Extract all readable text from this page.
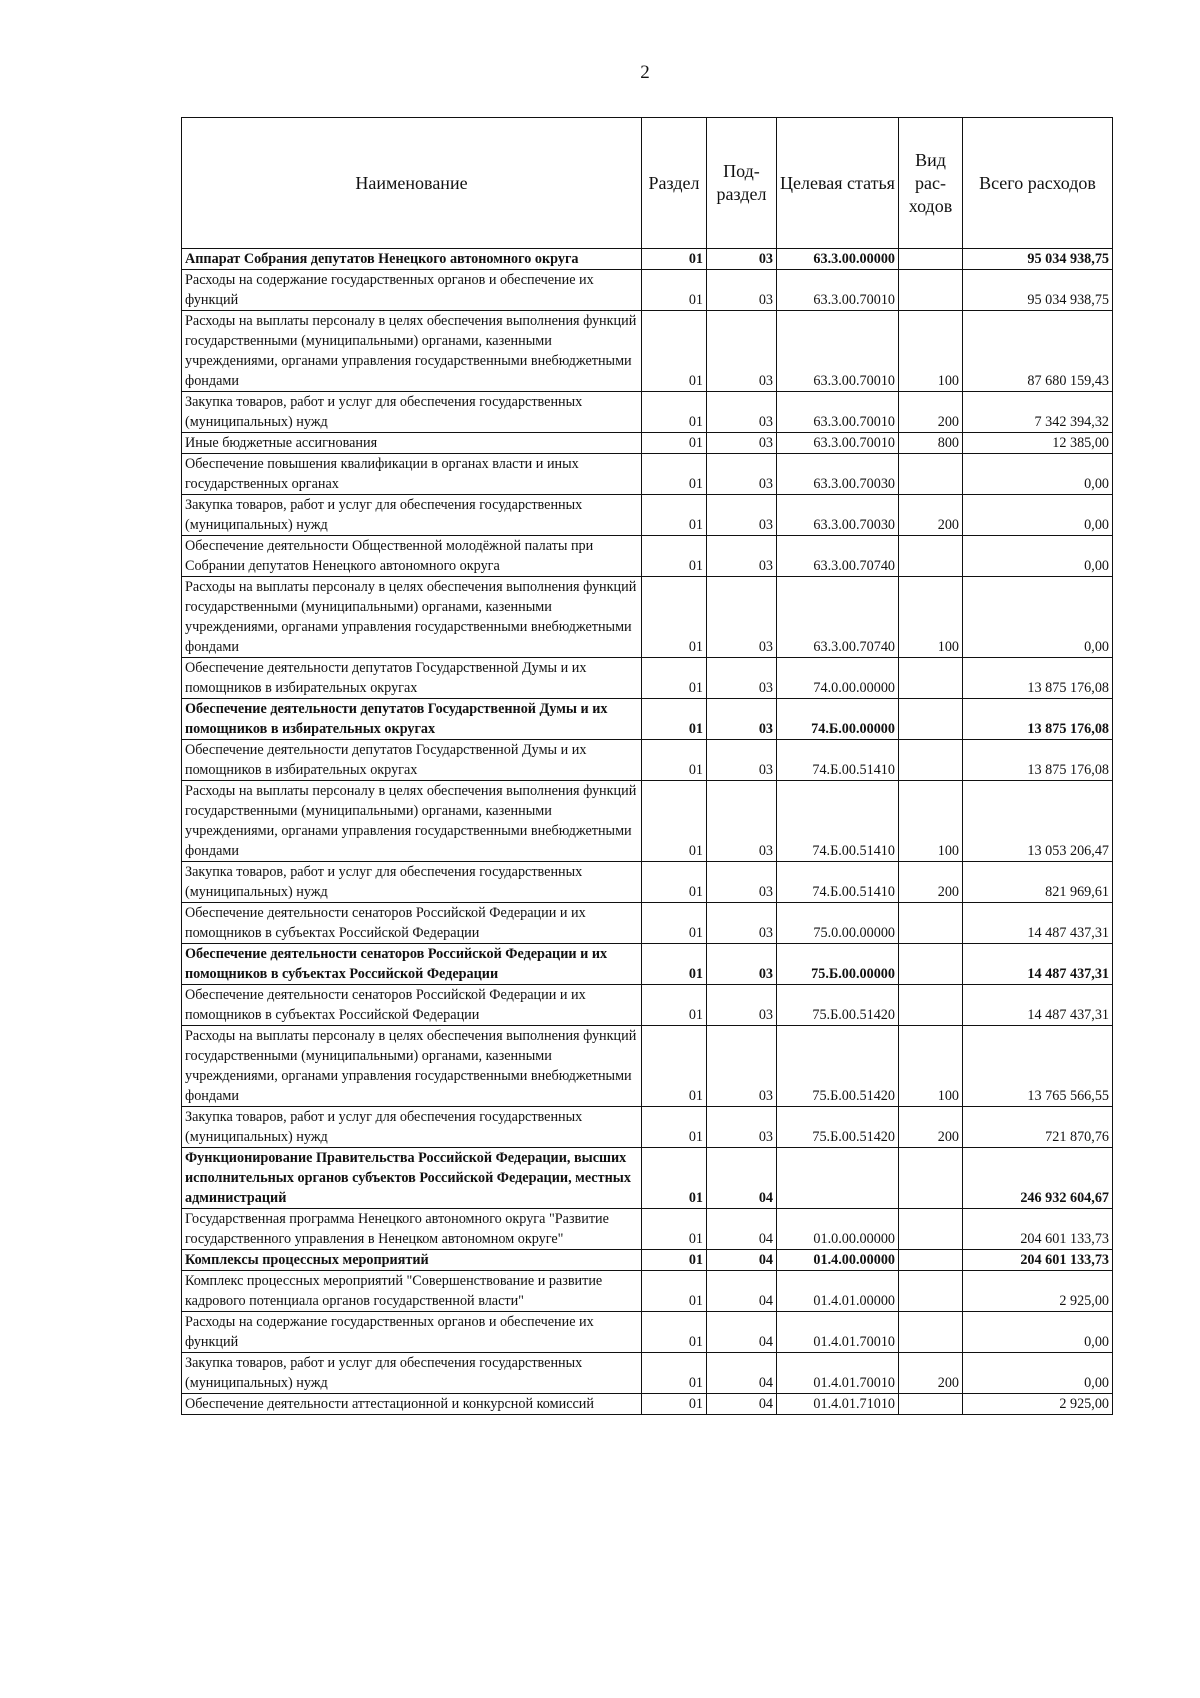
2
Наименование	Раздел	Под-раздел	Целевая статья	Вид рас-ходов	Всего расходов
Аппарат Собрания депутатов Ненецкого автономного округа	01	03	63.3.00.00000		95 034 938,75
Расходы на содержание государственных органов и обеспечение их функций	01	03	63.3.00.70010		95 034 938,75
Расходы на выплаты персоналу в целях обеспечения выполнения функций государственными (муниципальными) органами, казенными учреждениями, органами управления государственными внебюджетными фондами	01	03	63.3.00.70010	100	87 680 159,43
Закупка товаров, работ и услуг для обеспечения государственных (муниципальных) нужд	01	03	63.3.00.70010	200	7 342 394,32
Иные бюджетные ассигнования	01	03	63.3.00.70010	800	12 385,00
Обеспечение повышения квалификации в органах власти и иных государственных органах	01	03	63.3.00.70030		0,00
Закупка товаров, работ и услуг для обеспечения государственных (муниципальных) нужд	01	03	63.3.00.70030	200	0,00
Обеспечение деятельности Общественной молодёжной палаты при Собрании депутатов Ненецкого автономного округа	01	03	63.3.00.70740		0,00
Расходы на выплаты персоналу в целях обеспечения выполнения функций государственными (муниципальными) органами, казенными учреждениями, органами управления государственными внебюджетными фондами	01	03	63.3.00.70740	100	0,00
Обеспечение деятельности депутатов Государственной Думы и их помощников в избирательных округах	01	03	74.0.00.00000		13 875 176,08
Обеспечение деятельности депутатов Государственной Думы и их помощников в избирательных округах	01	03	74.Б.00.00000		13 875 176,08
Обеспечение деятельности депутатов Государственной Думы и их помощников в избирательных округах	01	03	74.Б.00.51410		13 875 176,08
Расходы на выплаты персоналу в целях обеспечения выполнения функций государственными (муниципальными) органами, казенными учреждениями, органами управления государственными внебюджетными фондами	01	03	74.Б.00.51410	100	13 053 206,47
Закупка товаров, работ и услуг для обеспечения государственных (муниципальных) нужд	01	03	74.Б.00.51410	200	821 969,61
Обеспечение деятельности сенаторов Российской Федерации и их помощников в субъектах Российской Федерации	01	03	75.0.00.00000		14 487 437,31
Обеспечение деятельности сенаторов Российской Федерации и их помощников в субъектах Российской Федерации	01	03	75.Б.00.00000		14 487 437,31
Обеспечение деятельности сенаторов Российской Федерации и их помощников в субъектах Российской Федерации	01	03	75.Б.00.51420		14 487 437,31
Расходы на выплаты персоналу в целях обеспечения выполнения функций государственными (муниципальными) органами, казенными учреждениями, органами управления государственными внебюджетными фондами	01	03	75.Б.00.51420	100	13 765 566,55
Закупка товаров, работ и услуг для обеспечения государственных (муниципальных) нужд	01	03	75.Б.00.51420	200	721 870,76
Функционирование Правительства Российской Федерации, высших исполнительных органов субъектов Российской Федерации, местных администраций	01	04			246 932 604,67
Государственная программа Ненецкого автономного округа "Развитие государственного управления в Ненецком автономном округе"	01	04	01.0.00.00000		204 601 133,73
Комплексы процессных мероприятий	01	04	01.4.00.00000		204 601 133,73
Комплекс процессных мероприятий "Совершенствование и развитие кадрового потенциала органов государственной власти"	01	04	01.4.01.00000		2 925,00
Расходы на содержание государственных органов и обеспечение их функций	01	04	01.4.01.70010		0,00
Закупка товаров, работ и услуг для обеспечения государственных (муниципальных) нужд	01	04	01.4.01.70010	200	0,00
Обеспечение деятельности аттестационной и конкурсной комиссий	01	04	01.4.01.71010		2 925,00
